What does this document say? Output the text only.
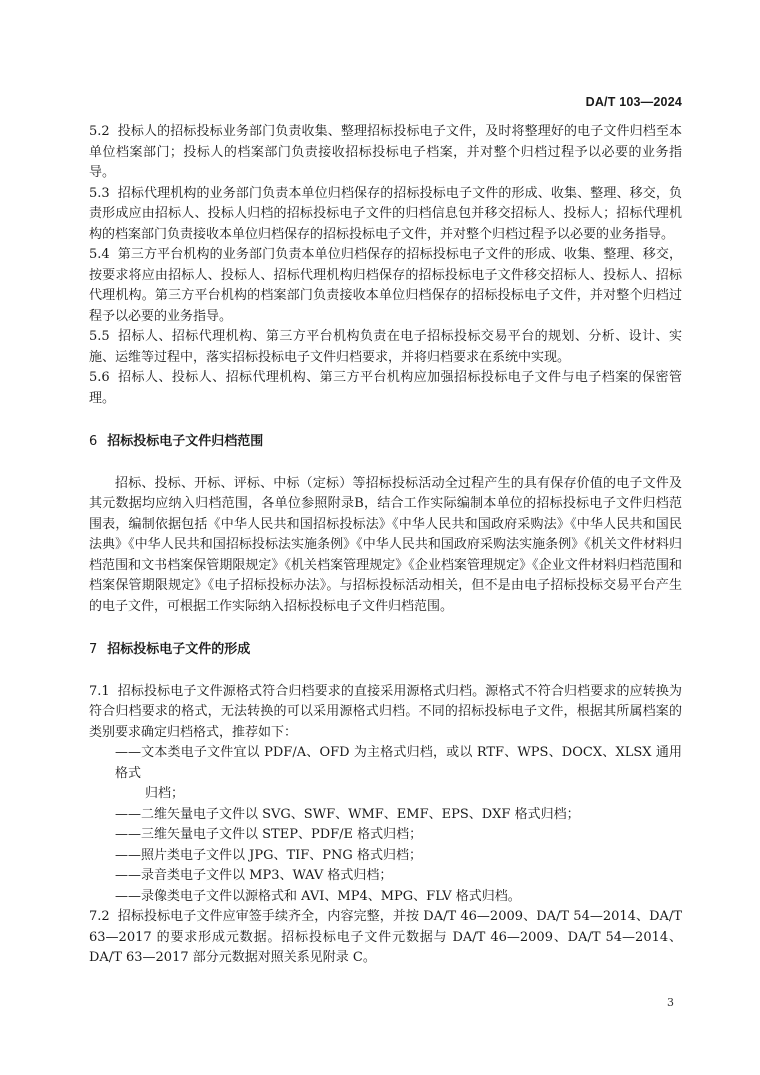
DA/T 103—2024

5.2 投标人的招标投标业务部门负责收集、整理招标投标电子文件，及时将整理好的电子文件归档至本单位档案部门；投标人的档案部门负责接收招标投标电子档案，并对整个归档过程予以必要的业务指导。

5.3 招标代理机构的业务部门负责本单位归档保存的招标投标电子文件的形成、收集、整理、移交，负责形成应由招标人、投标人归档的招标投标电子文件的归档信息包并移交招标人、投标人；招标代理机构的档案部门负责接收本单位归档保存的招标投标电子文件，并对整个归档过程予以必要的业务指导。

5.4 第三方平台机构的业务部门负责本单位归档保存的招标投标电子文件的形成、收集、整理、移交，按要求将应由招标人、投标人、招标代理机构归档保存的招标投标电子文件移交招标人、投标人、招标代理机构。第三方平台机构的档案部门负责接收本单位归档保存的招标投标电子文件，并对整个归档过程予以必要的业务指导。

5.5 招标人、招标代理机构、第三方平台机构负责在电子招标投标交易平台的规划、分析、设计、实施、运维等过程中，落实招标投标电子文件归档要求，并将归档要求在系统中实现。

5.6 招标人、投标人、招标代理机构、第三方平台机构应加强招标投标电子文件与电子档案的保密管理。

6 招标投标电子文件归档范围

招标、投标、开标、评标、中标（定标）等招标投标活动全过程产生的具有保存价值的电子文件及其元数据均应纳入归档范围，各单位参照附录B，结合工作实际编制本单位的招标投标电子文件归档范围表，编制依据包括《中华人民共和国招标投标法》《中华人民共和国政府采购法》《中华人民共和国民法典》《中华人民共和国招标投标法实施条例》《中华人民共和国政府采购法实施条例》《机关文件材料归档范围和文书档案保管期限规定》《机关档案管理规定》《企业档案管理规定》《企业文件材料归档范围和档案保管期限规定》《电子招标投标办法》。与招标投标活动相关，但不是由电子招标投标交易平台产生的电子文件，可根据工作实际纳入招标投标电子文件归档范围。

7 招标投标电子文件的形成

7.1 招标投标电子文件源格式符合归档要求的直接采用源格式归档。源格式不符合归档要求的应转换为符合归档要求的格式，无法转换的可以采用源格式归档。不同的招标投标电子文件，根据其所属档案的类别要求确定归档格式，推荐如下：

——文本类电子文件宜以 PDF/A、OFD 为主格式归档，或以 RTF、WPS、DOCX、XLSX 通用格式
归档；

——二维矢量电子文件以 SVG、SWF、WMF、EMF、EPS、DXF 格式归档；

——三维矢量电子文件以 STEP、PDF/E 格式归档；

——照片类电子文件以 JPG、TIF、PNG 格式归档；

——录音类电子文件以 MP3、WAV 格式归档；

——录像类电子文件以源格式和 AVI、MP4、MPG、FLV 格式归档。

7.2 招标投标电子文件应审签手续齐全，内容完整，并按 DA/T 46—2009、DA/T 54—2014、DA/T 63—2017 的要求形成元数据。招标投标电子文件元数据与 DA/T 46—2009、DA/T 54—2014、DA/T 63—2017 部分元数据对照关系见附录 C。

3
